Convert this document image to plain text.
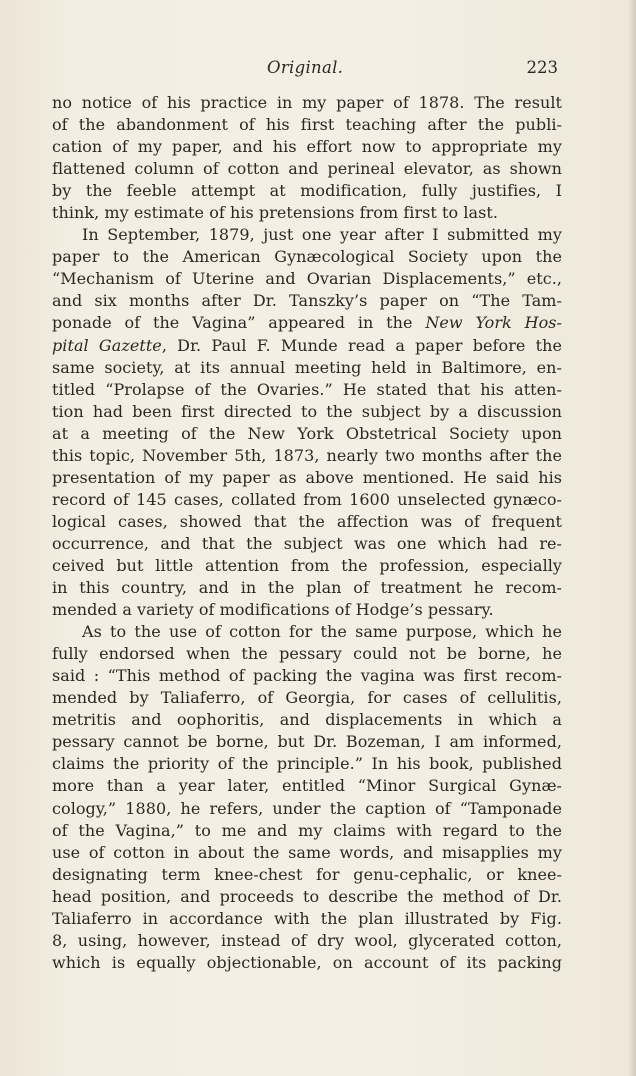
Original.	223
no notice of his practice in my paper of 1878. The result
of the abandonment of his first teaching after the publi-
cation of my paper, and his effort now to appropriate my
flattened column of cotton and perineal elevator, as shown
by the feeble attempt at modification, fully justifies, I
think, my estimate of his pretensions from first to last.
In September, 1879, just one year after I submitted my
paper to the American Gynæcological Society upon the
“Mechanism of Uterine and Ovarian Displacements,” etc.,
and six months after Dr. Tanszky’s paper on “The Tam-
ponade of the Vagina” appeared in the New York Hos-
pital Gazette, Dr. Paul F. Munde read a paper before the
same society, at its annual meeting held in Baltimore, en-
titled “Prolapse of the Ovaries.” He stated that his atten-
tion had been first directed to the subject by a discussion
at a meeting of the New York Obstetrical Society upon
this topic, November 5th, 1873, nearly two months after the
presentation of my paper as above mentioned. He said his
record of 145 cases, collated from 1600 unselected gynæco-
logical cases, showed that the affection was of frequent
occurrence, and that the subject was one which had re-
ceived but little attention from the profession, especially
in this country, and in the plan of treatment he recom-
mended a variety of modifications of Hodge’s pessary.
As to the use of cotton for the same purpose, which he
fully endorsed when the pessary could not be borne, he
said : “This method of packing the vagina was first recom-
mended by Taliaferro, of Georgia, for cases of cellulitis,
metritis and oophoritis, and displacements in which a
pessary cannot be borne, but Dr. Bozeman, I am informed,
claims the priority of the principle.” In his book, published
more than a year later, entitled “Minor Surgical Gynæ-
cology,” 1880, he refers, under the caption of “Tamponade
of the Vagina,” to me and my claims with regard to the
use of cotton in about the same words, and misapplies my
designating term knee-chest for genu-cephalic, or knee-
head position, and proceeds to describe the method of Dr.
Taliaferro in accordance with the plan illustrated by Fig.
8, using, however, instead of dry wool, glycerated cotton,
which is equally objectionable, on account of its packing
